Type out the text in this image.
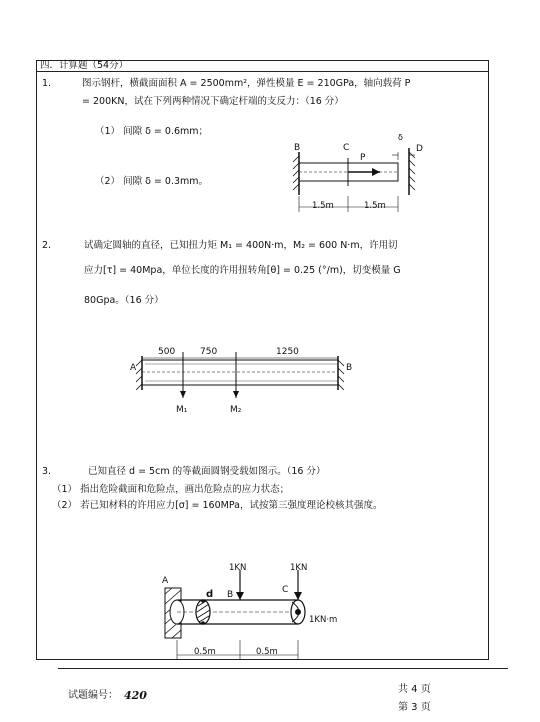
四．计算题（54分）
1.	图示钢杆，横截面面积 A = 2500mm²，弹性模量 E = 210GPa，轴向载荷 P
= 200KN，试在下列两种情况下确定杆端的支反力：（16 分）
（1） 间隙 δ = 0.6mm；
（2） 间隙 δ = 0.3mm。
B	C
P
D
δ
1.5m	1.5m
2.	试确定圆轴的直径，已知扭力矩 M₁ = 400N·m，M₂ = 600 N·m，许用切
应力[τ] = 40Mpa，单位长度的许用扭转角[θ] = 0.25 (°/m)，切变模量 G
80Gpa。（16 分）
A	B
500	750	1250
M₁	M₂
3.	已知直径 d = 5cm 的等截面圆钢受载如图示。（16 分）
（1） 指出危险截面和危险点，画出危险点的应力状态；
（2） 若已知材料的许用应力[σ] = 160MPa，试按第三强度理论校核其强度。
A
d B	C
1KN	1KN
1KN·m
0.5m	0.5m
试题编号： 420	共 4 页
第 3 页
